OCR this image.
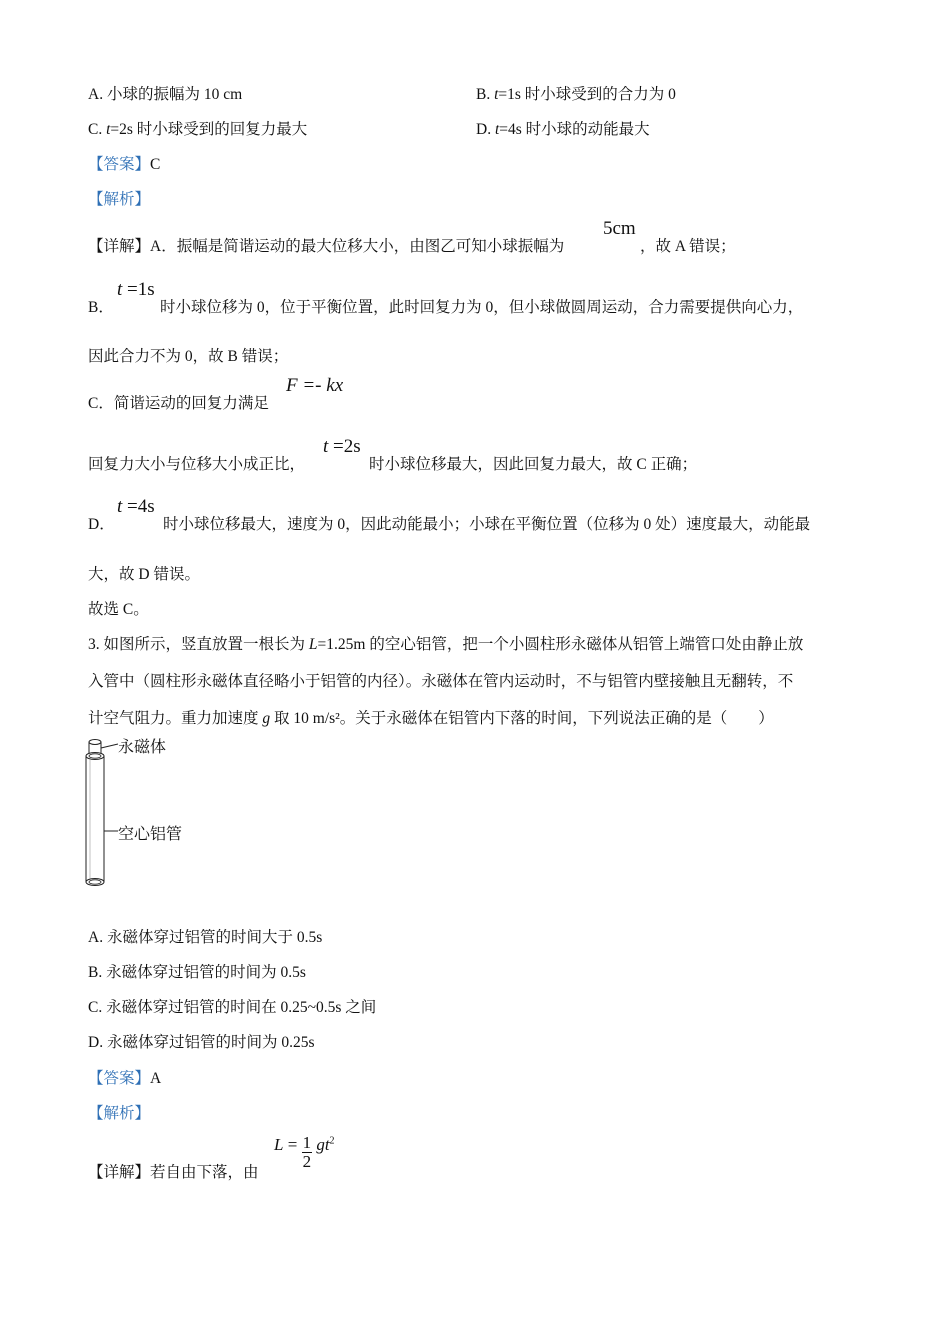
A. 小球的振幅为 10 cm	B. t=1s 时小球受到的合力为 0
C. t=2s 时小球受到的回复力最大	D. t=4s 时小球的动能最大
【答案】C
【解析】
【详解】A．振幅是简谐运动的最大位移大小，由图乙可知小球振幅为
5cm
，故 A 错误；
B．
t =1s
时小球位移为 0，位于平衡位置，此时回复力为 0，但小球做圆周运动，合力需要提供向心力，
因此合力不为 0，故 B 错误；
C．简谐运动的回复力满足
F =- kx
回复力大小与位移大小成正比，
t =2s
时小球位移最大，因此回复力最大，故 C 正确；
D．
t =4s
时小球位移最大，速度为 0，因此动能最小；小球在平衡位置（位移为 0 处）速度最大，动能最
大，故 D 错误。
故选 C。
3. 如图所示，竖直放置一根长为 L=1.25m 的空心铝管，把一个小圆柱形永磁体从铝管上端管口处由静止放
入管中（圆柱形永磁体直径略小于铝管的内径）。永磁体在管内运动时，不与铝管内壁接触且无翻转，不
计空气阻力。重力加速度 g 取 10 m/s²。关于永磁体在铝管内下落的时间，下列说法正确的是（　　）
永磁体
空心铝管
A. 永磁体穿过铝管的时间大于 0.5s
B. 永磁体穿过铝管的时间为 0.5s
C. 永磁体穿过铝管的时间在 0.25~0.5s 之间
D. 永磁体穿过铝管的时间为 0.25s
【答案】A
【解析】
【详解】若自由下落，由
$L = \frac{1}{2} gt^2$
